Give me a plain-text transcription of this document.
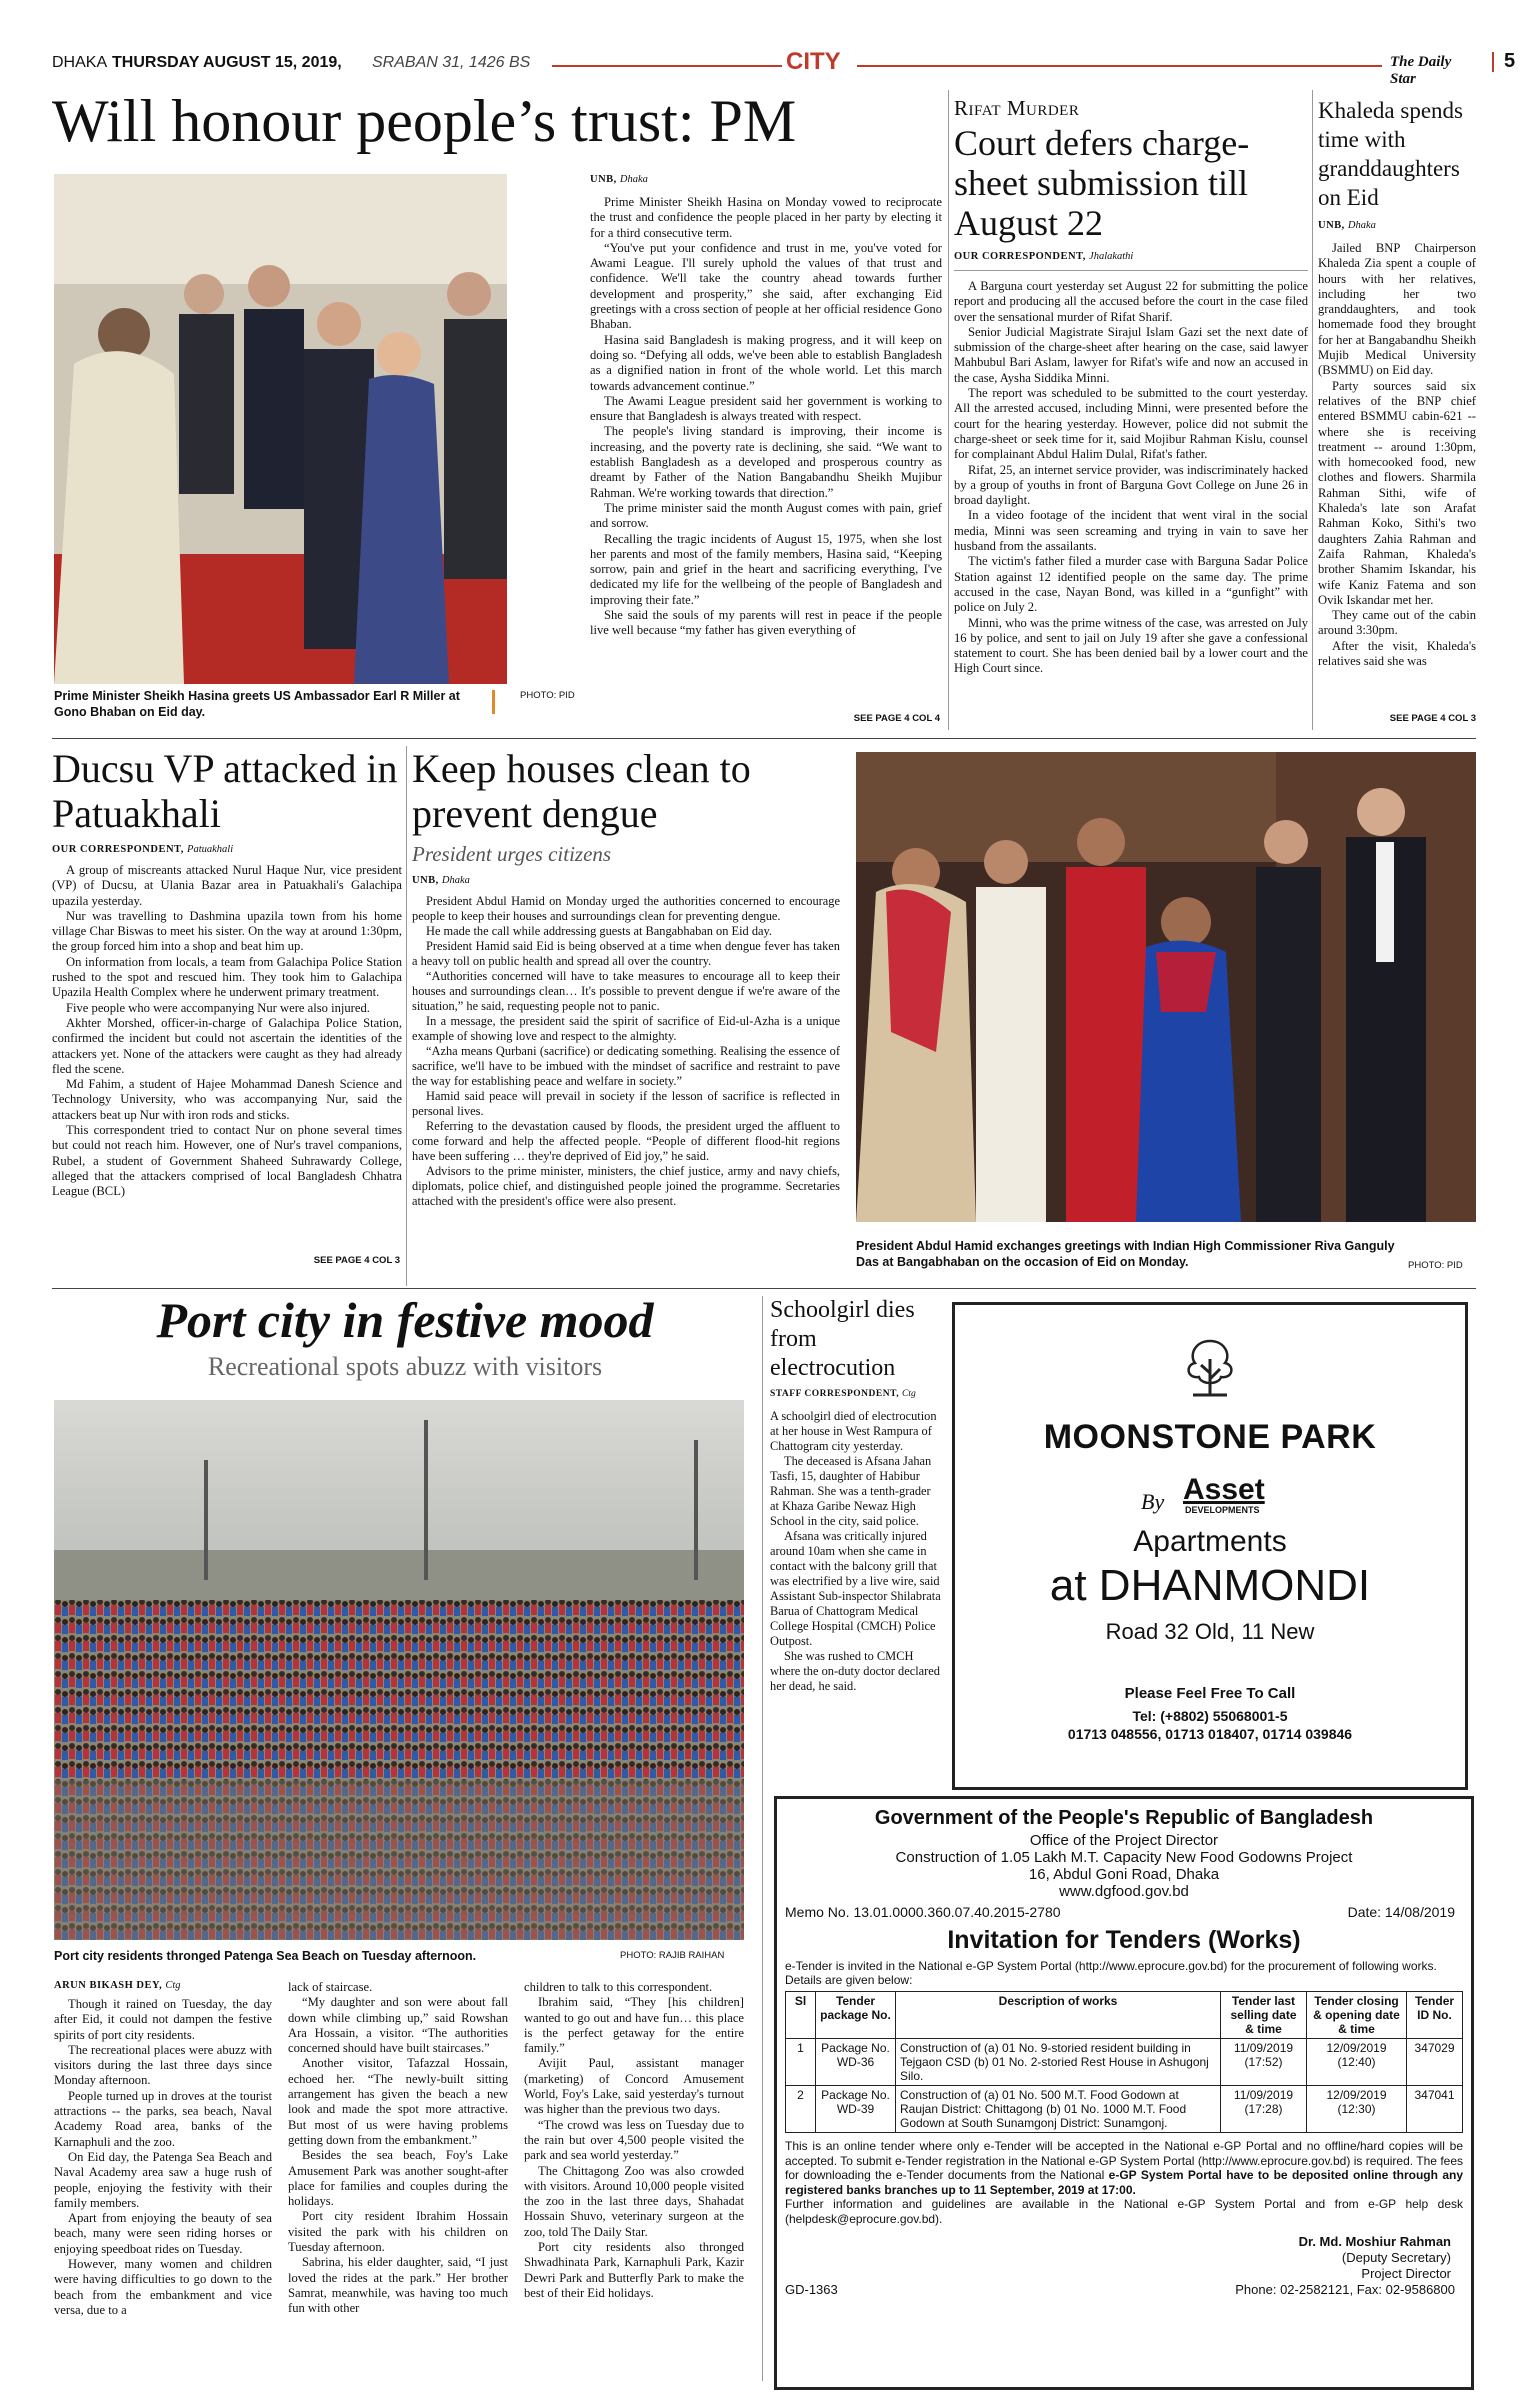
DHAKA THURSDAY AUGUST 15, 2019, SRABAN 31, 1426 BS	CITY	The Daily Star
5
Will honour people’s trust: PM
Prime Minister Sheikh Hasina greets US Ambassador Earl R Miller at Gono Bhaban on Eid day.
PHOTO: PID
UNB, Dhaka

Prime Minister Sheikh Hasina on Monday vowed to reciprocate the trust and confidence the people placed in her party by electing it for a third consecutive term.

“You've put your confidence and trust in me, you've voted for Awami League. I'll surely uphold the values of that trust and confidence. We'll take the country ahead towards further development and prosperity,” she said, after exchanging Eid greetings with a cross section of people at her official residence Gono Bhaban.

Hasina said Bangladesh is making progress, and it will keep on doing so. “Defying all odds, we've been able to establish Bangladesh as a dignified nation in front of the whole world. Let this march towards advancement continue.”

The Awami League president said her government is working to ensure that Bangladesh is always treated with respect.

The people's living standard is improving, their income is increasing, and the poverty rate is declining, she said. “We want to establish Bangladesh as a developed and prosperous country as dreamt by Father of the Nation Bangabandhu Sheikh Mujibur Rahman. We're working towards that direction.”

The prime minister said the month August comes with pain, grief and sorrow.

Recalling the tragic incidents of August 15, 1975, when she lost her parents and most of the family members, Hasina said, “Keeping sorrow, pain and grief in the heart and sacrificing everything, I've dedicated my life for the wellbeing of the people of Bangladesh and improving their fate.”

She said the souls of my parents will rest in peace if the people live well because “my father has given everything of

SEE PAGE 4 COL 4
Rifat Murder
Court defers charge-sheet submission till August 22
OUR CORRESPONDENT, Jhalakathi

A Barguna court yesterday set August 22 for submitting the police report and producing all the accused before the court in the case filed over the sensational murder of Rifat Sharif.

Senior Judicial Magistrate Sirajul Islam Gazi set the next date of submission of the charge-sheet after hearing on the case, said lawyer Mahbubul Bari Aslam, lawyer for Rifat's wife and now an accused in the case, Aysha Siddika Minni.

The report was scheduled to be submitted to the court yesterday. All the arrested accused, including Minni, were presented before the court for the hearing yesterday. However, police did not submit the charge-sheet or seek time for it, said Mojibur Rahman Kislu, counsel for complainant Abdul Halim Dulal, Rifat's father.

Rifat, 25, an internet service provider, was indiscriminately hacked by a group of youths in front of Barguna Govt College on June 26 in broad daylight.

In a video footage of the incident that went viral in the social media, Minni was seen screaming and trying in vain to save her husband from the assailants.

The victim's father filed a murder case with Barguna Sadar Police Station against 12 identified people on the same day. The prime accused in the case, Nayan Bond, was killed in a “gunfight” with police on July 2.

Minni, who was the prime witness of the case, was arrested on July 16 by police, and sent to jail on July 19 after she gave a confessional statement to court. She has been denied bail by a lower court and the High Court since.

Khaleda spends time with granddaughters on Eid
UNB, Dhaka

Jailed BNP Chairperson Khaleda Zia spent a couple of hours with her relatives, including her two granddaughters, and took homemade food they brought for her at Bangabandhu Sheikh Mujib Medical University (BSMMU) on Eid day.

Party sources said six relatives of the BNP chief entered BSMMU cabin-621 -- where she is receiving treatment -- around 1:30pm, with homecooked food, new clothes and flowers. Sharmila Rahman Sithi, wife of Khaleda's late son Arafat Rahman Koko, Sithi's two daughters Zahia Rahman and Zaifa Rahman, Khaleda's brother Shamim Iskandar, his wife Kaniz Fatema and son Ovik Iskandar met her.

They came out of the cabin around 3:30pm.

After the visit, Khaleda's relatives said she was

SEE PAGE 4 COL 3
Ducsu VP attacked in Patuakhali
OUR CORRESPONDENT, Patuakhali

A group of miscreants attacked Nurul Haque Nur, vice president (VP) of Ducsu, at Ulania Bazar area in Patuakhali's Galachipa upazila yesterday.

Nur was travelling to Dashmina upazila town from his home village Char Biswas to meet his sister. On the way at around 1:30pm, the group forced him into a shop and beat him up.

On information from locals, a team from Galachipa Police Station rushed to the spot and rescued him. They took him to Galachipa Upazila Health Complex where he underwent primary treatment.

Five people who were accompanying Nur were also injured.

Akhter Morshed, officer-in-charge of Galachipa Police Station, confirmed the incident but could not ascertain the identities of the attackers yet. None of the attackers were caught as they had already fled the scene.

Md Fahim, a student of Hajee Mohammad Danesh Science and Technology University, who was accompanying Nur, said the attackers beat up Nur with iron rods and sticks.

This correspondent tried to contact Nur on phone several times but could not reach him. However, one of Nur's travel companions, Rubel, a student of Government Shaheed Suhrawardy College, alleged that the attackers comprised of local Bangladesh Chhatra League (BCL)

SEE PAGE 4 COL 3
Keep houses clean to prevent dengue
President urges citizens
UNB, Dhaka

President Abdul Hamid on Monday urged the authorities concerned to encourage people to keep their houses and surroundings clean for preventing dengue.

He made the call while addressing guests at Bangabhaban on Eid day.

President Hamid said Eid is being observed at a time when dengue fever has taken a heavy toll on public health and spread all over the country.

“Authorities concerned will have to take measures to encourage all to keep their houses and surroundings clean… It's possible to prevent dengue if we're aware of the situation,” he said, requesting people not to panic.

In a message, the president said the spirit of sacrifice of Eid-ul-Azha is a unique example of showing love and respect to the almighty.

“Azha means Qurbani (sacrifice) or dedicating something. Realising the essence of sacrifice, we'll have to be imbued with the mindset of sacrifice and restraint to pave the way for establishing peace and welfare in society.”

Hamid said peace will prevail in society if the lesson of sacrifice is reflected in personal lives.

Referring to the devastation caused by floods, the president urged the affluent to come forward and help the affected people. “People of different flood-hit regions have been suffering … they're deprived of Eid joy,” he said.

Advisors to the prime minister, ministers, the chief justice, army and navy chiefs, diplomats, police chief, and distinguished people joined the programme. Secretaries attached with the president's office were also present.

President Abdul Hamid exchanges greetings with Indian High Commissioner Riva Ganguly Das at Bangabhaban on the occasion of Eid on Monday.	PHOTO: PID
Port city in festive mood
Recreational spots abuzz with visitors
Port city residents thronged Patenga Sea Beach on Tuesday afternoon.	PHOTO: RAJIB RAIHAN
ARUN BIKASH DEY, Ctg

Though it rained on Tuesday, the day after Eid, it could not dampen the festive spirits of port city residents.

The recreational places were abuzz with visitors during the last three days since Monday afternoon.

People turned up in droves at the tourist attractions -- the parks, sea beach, Naval Academy Road area, banks of the Karnaphuli and the zoo.

On Eid day, the Patenga Sea Beach and Naval Academy area saw a huge rush of people, enjoying the festivity with their family members.

Apart from enjoying the beauty of sea beach, many were seen riding horses or enjoying speedboat rides on Tuesday.

However, many women and children were having difficulties to go down to the beach from the embankment and vice versa, due to a

lack of staircase.

“My daughter and son were about fall down while climbing up,” said Rowshan Ara Hossain, a visitor. “The authorities concerned should have built staircases.”

Another visitor, Tafazzal Hossain, echoed her. “The newly-built sitting arrangement has given the beach a new look and made the spot more attractive. But most of us were having problems getting down from the embankment.”

Besides the sea beach, Foy's Lake Amusement Park was another sought-after place for families and couples during the holidays.

Port city resident Ibrahim Hossain visited the park with his children on Tuesday afternoon.

Sabrina, his elder daughter, said, “I just loved the rides at the park.” Her brother Samrat, meanwhile, was having too much fun with other

children to talk to this correspondent.

Ibrahim said, “They [his children] wanted to go out and have fun… this place is the perfect getaway for the entire family.”

Avijit Paul, assistant manager (marketing) of Concord Amusement World, Foy's Lake, said yesterday's turnout was higher than the previous two days.

“The crowd was less on Tuesday due to the rain but over 4,500 people visited the park and sea world yesterday.”

The Chittagong Zoo was also crowded with visitors. Around 10,000 people visited the zoo in the last three days, Shahadat Hossain Shuvo, veterinary surgeon at the zoo, told The Daily Star.

Port city residents also thronged Shwadhinata Park, Karnaphuli Park, Kazir Dewri Park and Butterfly Park to make the best of their Eid holidays.

Schoolgirl dies from electrocution
STAFF CORRESPONDENT, Ctg

A schoolgirl died of electrocution at her house in West Rampura of Chattogram city yesterday.

The deceased is Afsana Jahan Tasfi, 15, daughter of Habibur Rahman. She was a tenth-grader at Khaza Garibe Newaz High School in the city, said police.

Afsana was critically injured around 10am when she came in contact with the balcony grill that was electrified by a live wire, said Assistant Sub-inspector Shilabrata Barua of Chattogram Medical College Hospital (CMCH) Police Outpost.

She was rushed to CMCH where the on-duty doctor declared her dead, he said.

MOONSTONE PARK
By Asset
DEVELOPMENTS
Apartments
at DHANMONDI
Road 32 Old, 11 New
Please Feel Free To Call
Tel: (+8802) 55068001-5
01713 048556, 01713 018407, 01714 039846
Government of the People's Republic of Bangladesh
Office of the Project Director
Construction of 1.05 Lakh M.T. Capacity New Food Godowns Project
16, Abdul Goni Road, Dhaka
www.dgfood.gov.bd
Memo No. 13.01.0000.360.07.40.2015-2780	Date: 14/08/2019
Invitation for Tenders (Works)
e-Tender is invited in the National e-GP System Portal (http://www.eprocure.gov.bd) for the procurement of following works. Details are given below:
Sl	Tender package No.	Description of works	Tender last selling date & time	Tender closing & opening date & time	Tender ID No.
1	Package No. WD-36	Construction of (a) 01 No. 9-storied resident building in Tejgaon CSD (b) 01 No. 2-storied Rest House in Ashugonj Silo.	11/09/2019 (17:52)	12/09/2019 (12:40)	347029
2	Package No. WD-39	Construction of (a) 01 No. 500 M.T. Food Godown at Raujan District: Chittagong (b) 01 No. 1000 M.T. Food Godown at South Sunamgonj District: Sunamgonj.	11/09/2019 (17:28)	12/09/2019 (12:30)	347041
This is an online tender where only e-Tender will be accepted in the National e-GP Portal and no offline/hard copies will be accepted. To submit e-Tender registration in the National e-GP System Portal (http://www.eprocure.gov.bd) is required. The fees for downloading the e-Tender documents from the National e-GP System Portal have to be deposited online through any registered banks branches up to 11 September, 2019 at 17:00.
Further information and guidelines are available in the National e-GP System Portal and from e-GP help desk (helpdesk@eprocure.gov.bd).
Dr. Md. Moshiur Rahman
(Deputy Secretary)
Project Director
GD-1363	Phone: 02-2582121, Fax: 02-9586800
